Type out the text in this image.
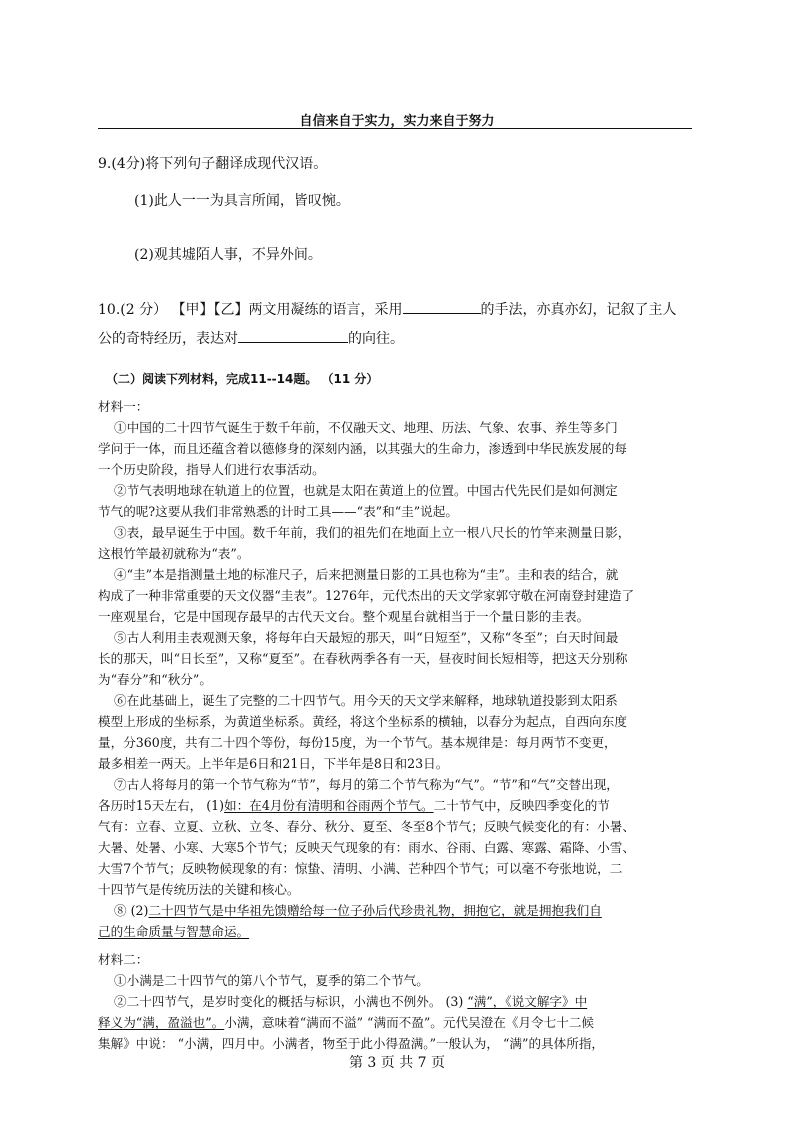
自信来自于实力，实力来自于努力

9.(4分)将下列句子翻译成现代汉语。

(1)此人一一为具言所闻，皆叹惋。

(2)观其墟陌人事，不异外间。

10.(2 分） 【甲】【乙】两文用凝练的语言，采用	的手法，亦真亦幻，记叙了主人

公的奇特经历，表达对	的向往。

（二）阅读下列材料，完成11--14题。 （11 分）

材料一：

①中国的二十四节气诞生于数千年前，不仅融天文、地理、历法、气象、农事、养生等多门

学问于一体，而且还蕴含着以德修身的深刻内涵，以其强大的生命力，渗透到中华民族发展的每

一个历史阶段，指导人们进行农事活动。

②节气表明地球在轨道上的位置，也就是太阳在黄道上的位置。中国古代先民们是如何测定

节气的呢?这要从我们非常熟悉的计时工具——“表”和“圭”说起。

③表，最早诞生于中国。数千年前，我们的祖先们在地面上立一根八尺长的竹竿来测量日影，

这根竹竿最初就称为“表”。

④“圭”本是指测量土地的标准尺子，后来把测量日影的工具也称为“圭”。圭和表的结合，就

构成了一种非常重要的天文仪器“圭表”。1276年，元代杰出的天文学家郭守敬在河南登封建造了

一座观星台，它是中国现存最早的古代天文台。整个观星台就相当于一个量日影的圭表。

⑤古人利用圭表观测天象，将每年白天最短的那天，叫“日短至”，又称“冬至”；白天时间最

长的那天，叫“日长至”，又称“夏至”。在春秋两季各有一天，昼夜时间长短相等，把这天分别称

为“春分”和“秋分”。

⑥在此基础上，诞生了完整的二十四节气。用今天的天文学来解释，地球轨道投影到太阳系

模型上形成的坐标系，为黄道坐标系。黄经，将这个坐标系的横轴，以春分为起点，自西向东度

量，分360度，共有二十四个等份，每份15度，为一个节气。基本规律是：每月两节不变更，

最多相差一两天。上半年是6日和21日，下半年是8日和23日。

⑦古人将每月的第一个节气称为“节”，每月的第二个节气称为“气”。“节”和“气”交替出现，

各历时15天左右， (1)如：在4月份有清明和谷雨两个节气。二十节气中，反映四季变化的节

气有：立春、立夏、立秋、立冬、春分、秋分、夏至、冬至8个节气；反映气候变化的有：小暑、

大暑、处暑、小寒、大寒5个节气；反映天气现象的有：雨水、谷雨、白露、寒露、霜降、小雪、

大雪7个节气；反映物候现象的有：惊蛰、清明、小满、芒种四个节气；可以毫不夸张地说，二

十四节气是传统历法的关键和核心。

⑧ (2)二十四节气是中华祖先馈赠给每一位子孙后代珍贵礼物，拥抱它，就是拥抱我们自

己的生命质量与智慧命运。

材料二：

①小满是二十四节气的第八个节气，夏季的第二个节气。

②二十四节气，是岁时变化的概括与标识，小满也不例外。 (3) “满”，《说文解字》中

释义为“满，盈溢也”。小满，意味着“满而不溢” “满而不盈”。元代吴澄在《月令七十二候

集解》中说： “小满，四月中。小满者，物至于此小得盈满。”一般认为， “满”的具体所指，

第 3 页 共 7 页
